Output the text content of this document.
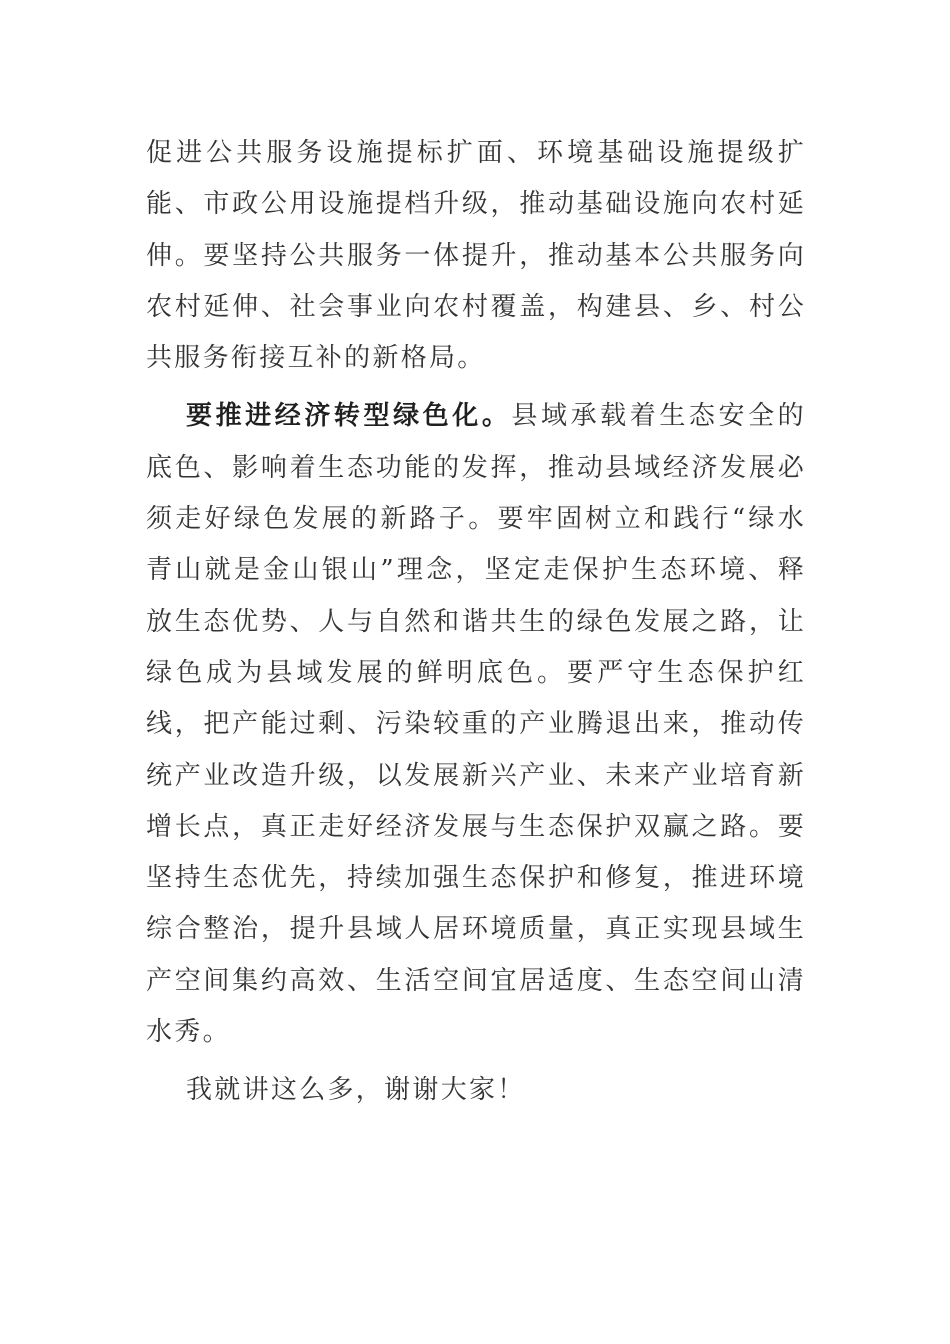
促进公共服务设施提标扩面、环境基础设施提级扩能、市政公用设施提档升级，推动基础设施向农村延伸。要坚持公共服务一体提升，推动基本公共服务向农村延伸、社会事业向农村覆盖，构建县、乡、村公共服务衔接互补的新格局。

要推进经济转型绿色化。县域承载着生态安全的底色、影响着生态功能的发挥，推动县域经济发展必须走好绿色发展的新路子。要牢固树立和践行“绿水青山就是金山银山”理念，坚定走保护生态环境、释放生态优势、人与自然和谐共生的绿色发展之路，让绿色成为县域发展的鲜明底色。要严守生态保护红线，把产能过剩、污染较重的产业腾退出来，推动传统产业改造升级，以发展新兴产业、未来产业培育新增长点，真正走好经济发展与生态保护双赢之路。要坚持生态优先，持续加强生态保护和修复，推进环境综合整治，提升县域人居环境质量，真正实现县域生产空间集约高效、生活空间宜居适度、生态空间山清水秀。

我就讲这么多，谢谢大家！
